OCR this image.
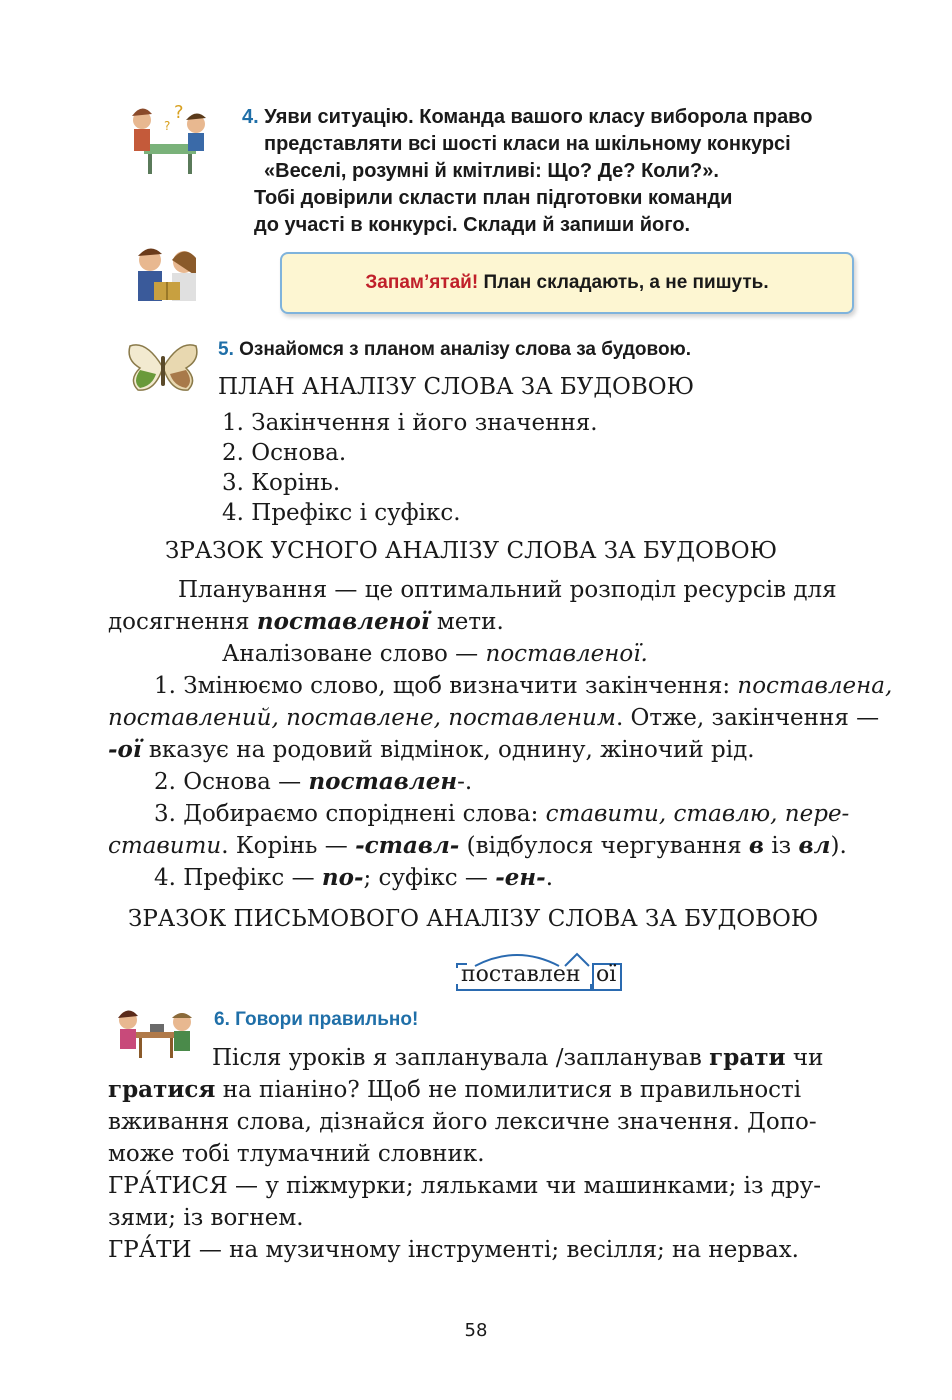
?
?	4. Уяви ситуацію. Команда вашого класу виборола право
представляти всі шості класи на шкільному конкурсі
«Веселі, розумні й кмітливі: Що? Де? Коли?».
Тобі довірили скласти план підготовки команди
до участі в конкурсі. Склади й запиши його.
Запам’ятай! План складають, а не пишуть.
5. Ознайомся з планом аналізу слова за будовою.
ПЛАН АНАЛІЗУ СЛОВА ЗА БУДОВОЮ
1. Закінчення і його значення.
2. Основа.
3. Корінь.
4. Префікс і суфікс.
ЗРАЗОК УСНОГО АНАЛІЗУ СЛОВА ЗА БУДОВОЮ
Планування — це оптимальний розподіл ресурсів для
досягнення поставленої мети.
Аналізоване слово — поставленої.
1. Змінюємо слово, щоб визначити закінчення: поставлена,
поставлений, поставлене, поставленим. Отже, закінчення —
-ої вказує на родовий відмінок, однину, жіночий рід.
2. Основа — поставлен-.
3. Добираємо споріднені слова: ставити, ставлю, пере-
ставити. Корінь — -ставл- (відбулося чергування в із вл).
4. Префікс — по-; суфікс — -ен-.
ЗРАЗОК ПИСЬМОВОГО АНАЛІЗУ СЛОВА ЗА БУДОВОЮ
поставлен ої
6. Говори правильно!
Після уроків я запланувала /запланував грати чи
гратися на піаніно? Щоб не помилитися в правильності
вживання слова, дізнайся його лексичне значення. Допо-
може тобі тлумачний словник.
ГРА́ТИСЯ — у піжмурки; ляльками чи машинками; із дру-
зями; із вогнем.
ГРА́ТИ — на музичному інструменті; весілля; на нервах.
58
